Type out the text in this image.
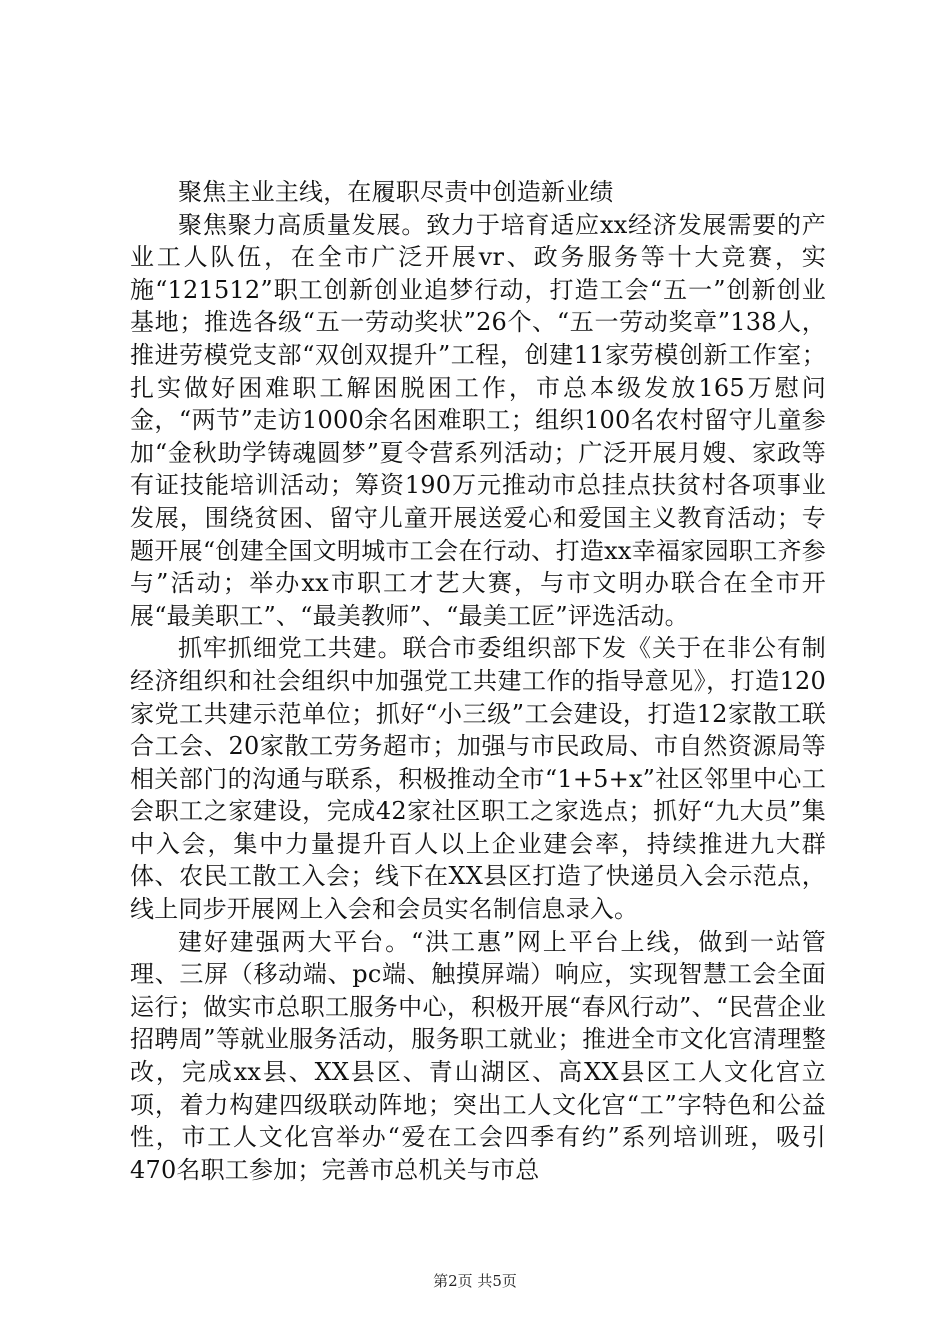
聚焦主业主线，在履职尽责中创造新业绩

聚焦聚力高质量发展。致力于培育适应xx经济发展需要的产业工人队伍，在全市广泛开展vr、政务服务等十大竞赛，实施“121512”职工创新创业追梦行动，打造工会“五一”创新创业基地；推选各级“五一劳动奖状”26个、“五一劳动奖章”138人，推进劳模党支部“双创双提升”工程，创建11家劳模创新工作室；扎实做好困难职工解困脱困工作，市总本级发放165万慰问金，“两节”走访1000余名困难职工；组织100名农村留守儿童参加“金秋助学铸魂圆梦”夏令营系列活动；广泛开展月嫂、家政等有证技能培训活动；筹资190万元推动市总挂点扶贫村各项事业发展，围绕贫困、留守儿童开展送爱心和爱国主义教育活动；专题开展“创建全国文明城市工会在行动、打造xx幸福家园职工齐参与”活动；举办xx市职工才艺大赛，与市文明办联合在全市开展“最美职工”、“最美教师”、“最美工匠”评选活动。

抓牢抓细党工共建。联合市委组织部下发《关于在非公有制经济组织和社会组织中加强党工共建工作的指导意见》，打造120家党工共建示范单位；抓好“小三级”工会建设，打造12家散工联合工会、20家散工劳务超市；加强与市民政局、市自然资源局等相关部门的沟通与联系，积极推动全市“1+5+x”社区邻里中心工会职工之家建设，完成42家社区职工之家选点；抓好“九大员”集中入会，集中力量提升百人以上企业建会率，持续推进九大群体、农民工散工入会；线下在XX县区打造了快递员入会示范点，线上同步开展网上入会和会员实名制信息录入。

建好建强两大平台。“洪工惠”网上平台上线，做到一站管理、三屏（移动端、pc端、触摸屏端）响应，实现智慧工会全面运行；做实市总职工服务中心，积极开展“春风行动”、“民营企业招聘周”等就业服务活动，服务职工就业；推进全市文化宫清理整改，完成xx县、XX县区、青山湖区、高XX县区工人文化宫立项，着力构建四级联动阵地；突出工人文化宫“工”字特色和公益性，市工人文化宫举办“爱在工会四季有约”系列培训班，吸引470名职工参加；完善市总机关与市总

第2页 共5页
